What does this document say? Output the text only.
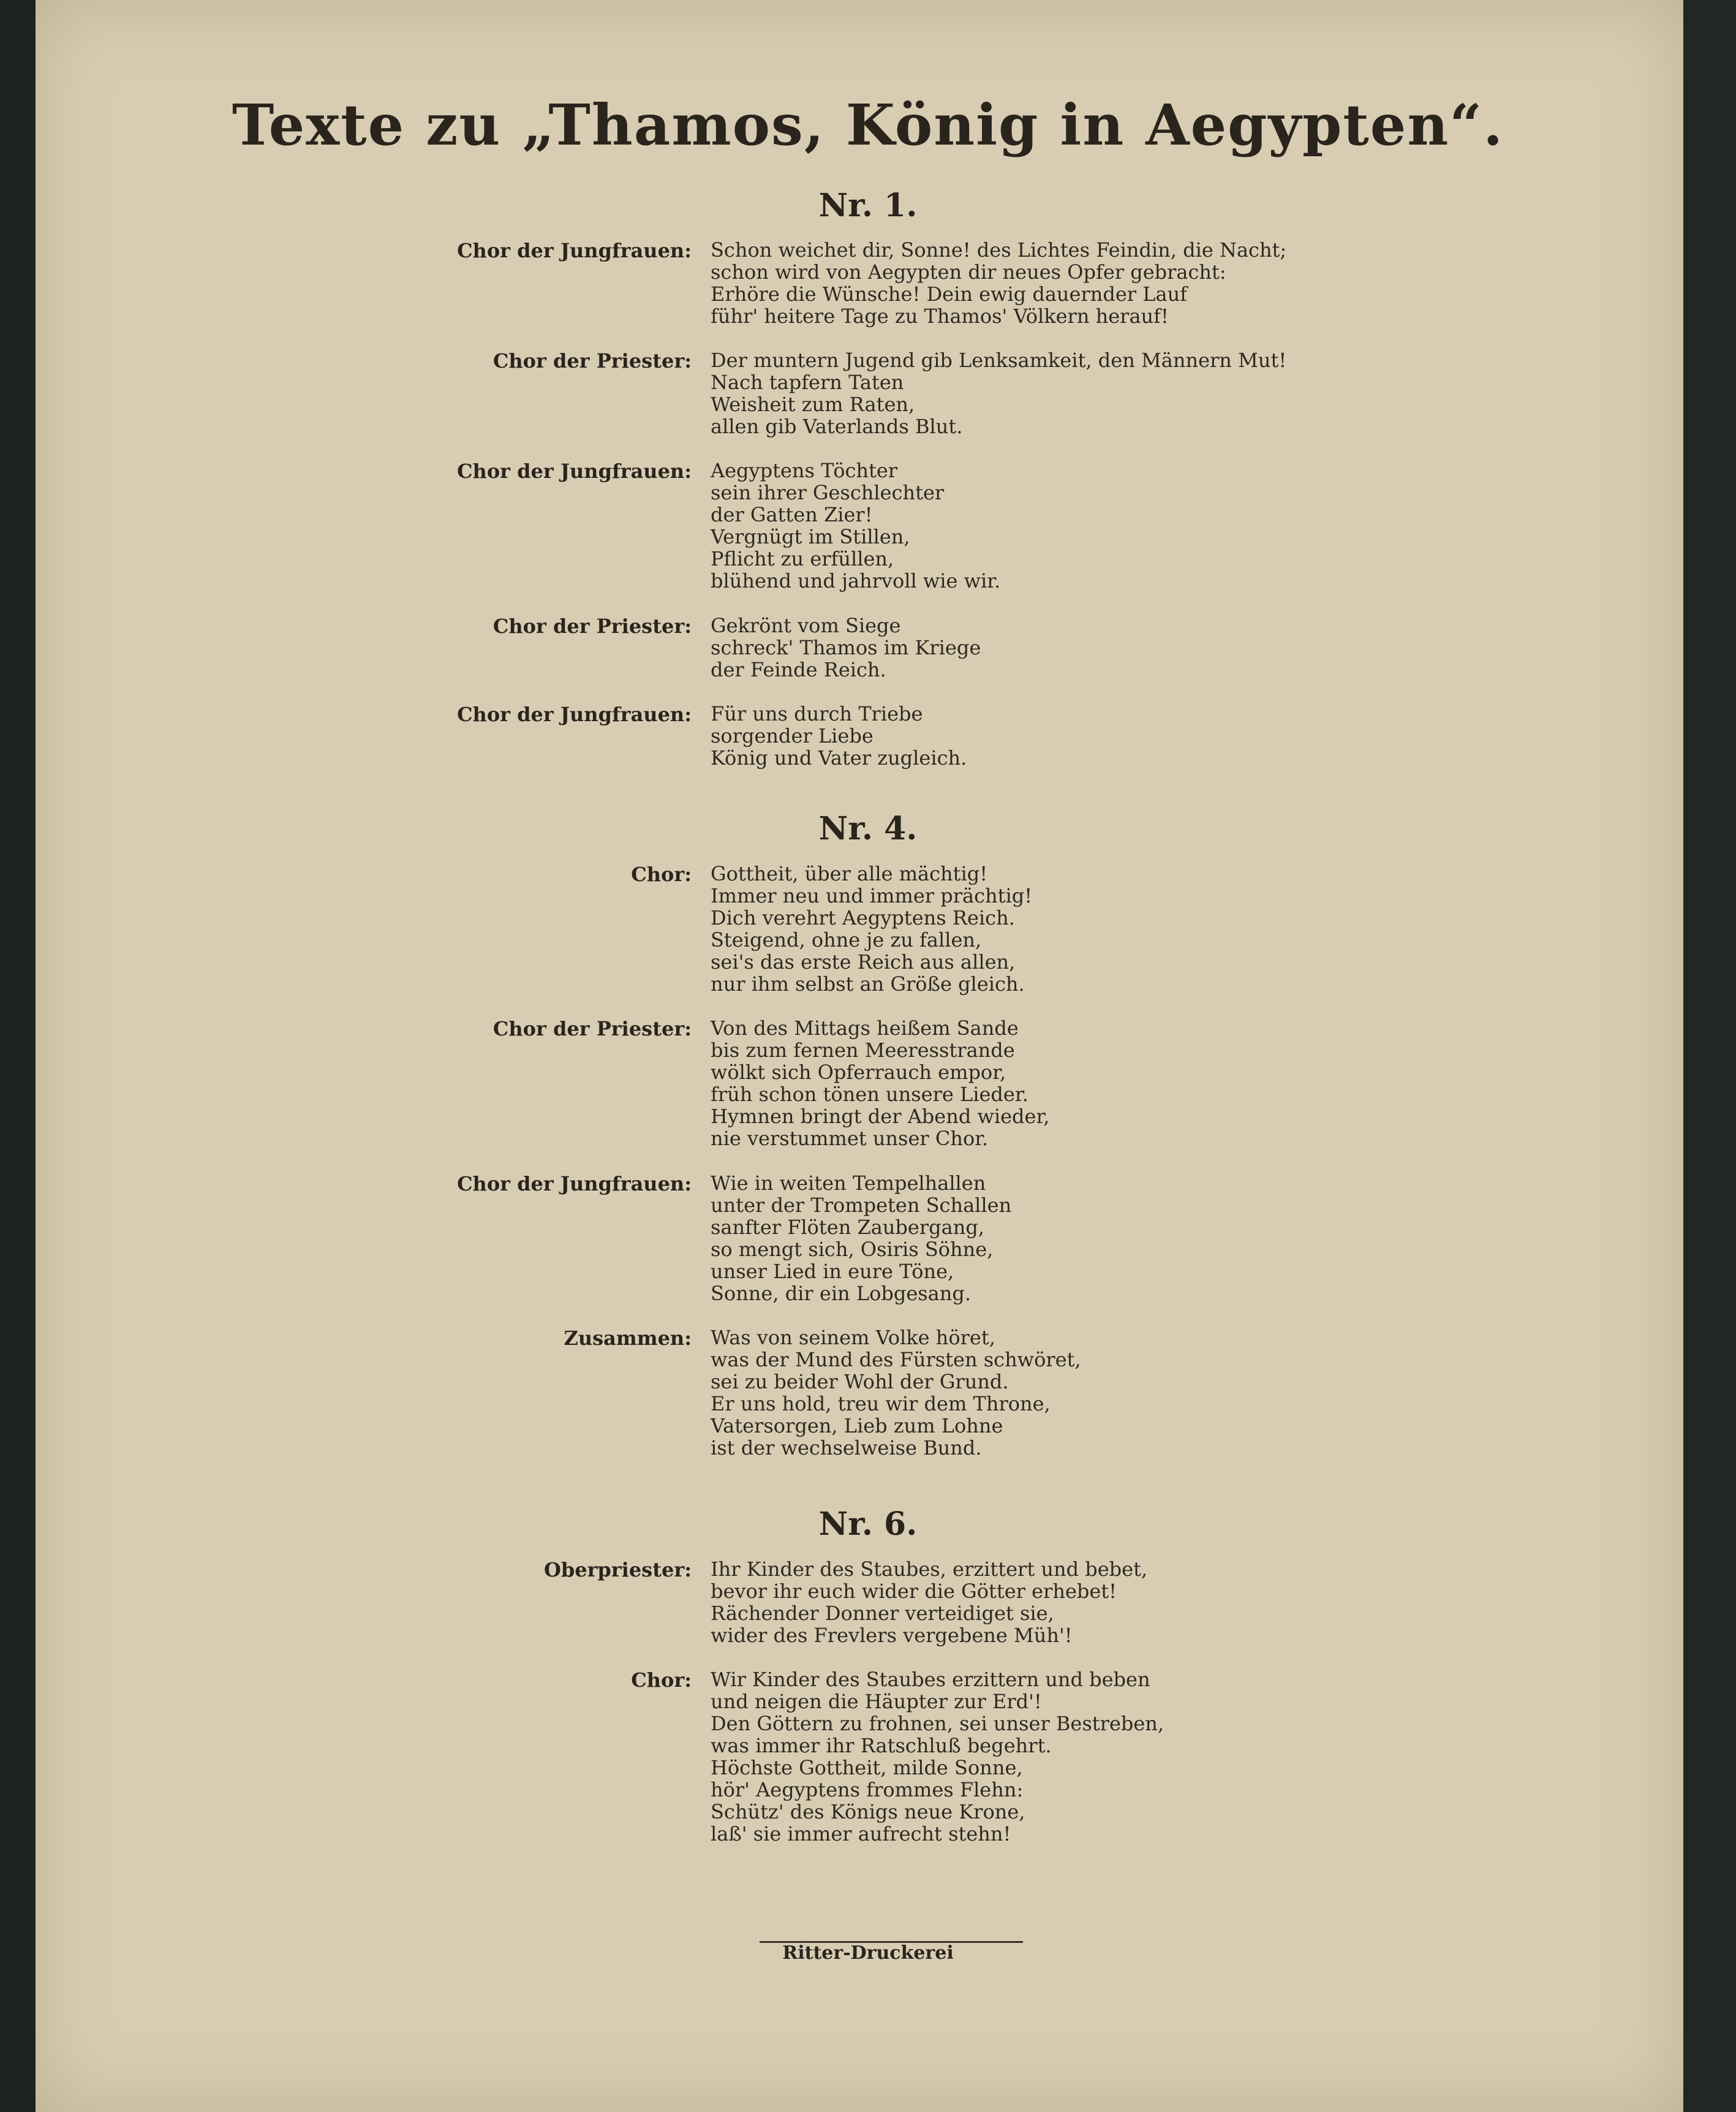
Texte zu „Thamos, König in Aegypten“.
Nr. 1.
Chor der Jungfrauen: Schon weichet dir, Sonne! des Lichtes Feindin, die Nacht;
schon wird von Aegypten dir neues Opfer gebracht:
Erhöre die Wünsche! Dein ewig dauernder Lauf
führ' heitere Tage zu Thamos' Völkern herauf!
Chor der Priester: Der muntern Jugend gib Lenksamkeit, den Männern Mut!
Nach tapfern Taten
Weisheit zum Raten,
allen gib Vaterlands Blut.
Chor der Jungfrauen: Aegyptens Töchter
sein ihrer Geschlechter
der Gatten Zier!
Vergnügt im Stillen,
Pflicht zu erfüllen,
blühend und jahrvoll wie wir.
Chor der Priester: Gekrönt vom Siege
schreck' Thamos im Kriege
der Feinde Reich.
Chor der Jungfrauen: Für uns durch Triebe
sorgender Liebe
König und Vater zugleich.
Nr. 4.
Chor: Gottheit, über alle mächtig!
Immer neu und immer prächtig!
Dich verehrt Aegyptens Reich.
Steigend, ohne je zu fallen,
sei's das erste Reich aus allen,
nur ihm selbst an Größe gleich.
Chor der Priester: Von des Mittags heißem Sande
bis zum fernen Meeresstrande
wölkt sich Opferrauch empor,
früh schon tönen unsere Lieder.
Hymnen bringt der Abend wieder,
nie verstummet unser Chor.
Chor der Jungfrauen: Wie in weiten Tempelhallen
unter der Trompeten Schallen
sanfter Flöten Zaubergang,
so mengt sich, Osiris Söhne,
unser Lied in eure Töne,
Sonne, dir ein Lobgesang.
Zusammen: Was von seinem Volke höret,
was der Mund des Fürsten schwöret,
sei zu beider Wohl der Grund.
Er uns hold, treu wir dem Throne,
Vatersorgen, Lieb zum Lohne
ist der wechselweise Bund.
Nr. 6.
Oberpriester: Ihr Kinder des Staubes, erzittert und bebet,
bevor ihr euch wider die Götter erhebet!
Rächender Donner verteidiget sie,
wider des Frevlers vergebene Müh'!
Chor: Wir Kinder des Staubes erzittern und beben
und neigen die Häupter zur Erd'!
Den Göttern zu frohnen, sei unser Bestreben,
was immer ihr Ratschluß begehrt.
Höchste Gottheit, milde Sonne,
hör' Aegyptens frommes Flehn:
Schütz' des Königs neue Krone,
laß' sie immer aufrecht stehn!
Ritter-Druckerei
